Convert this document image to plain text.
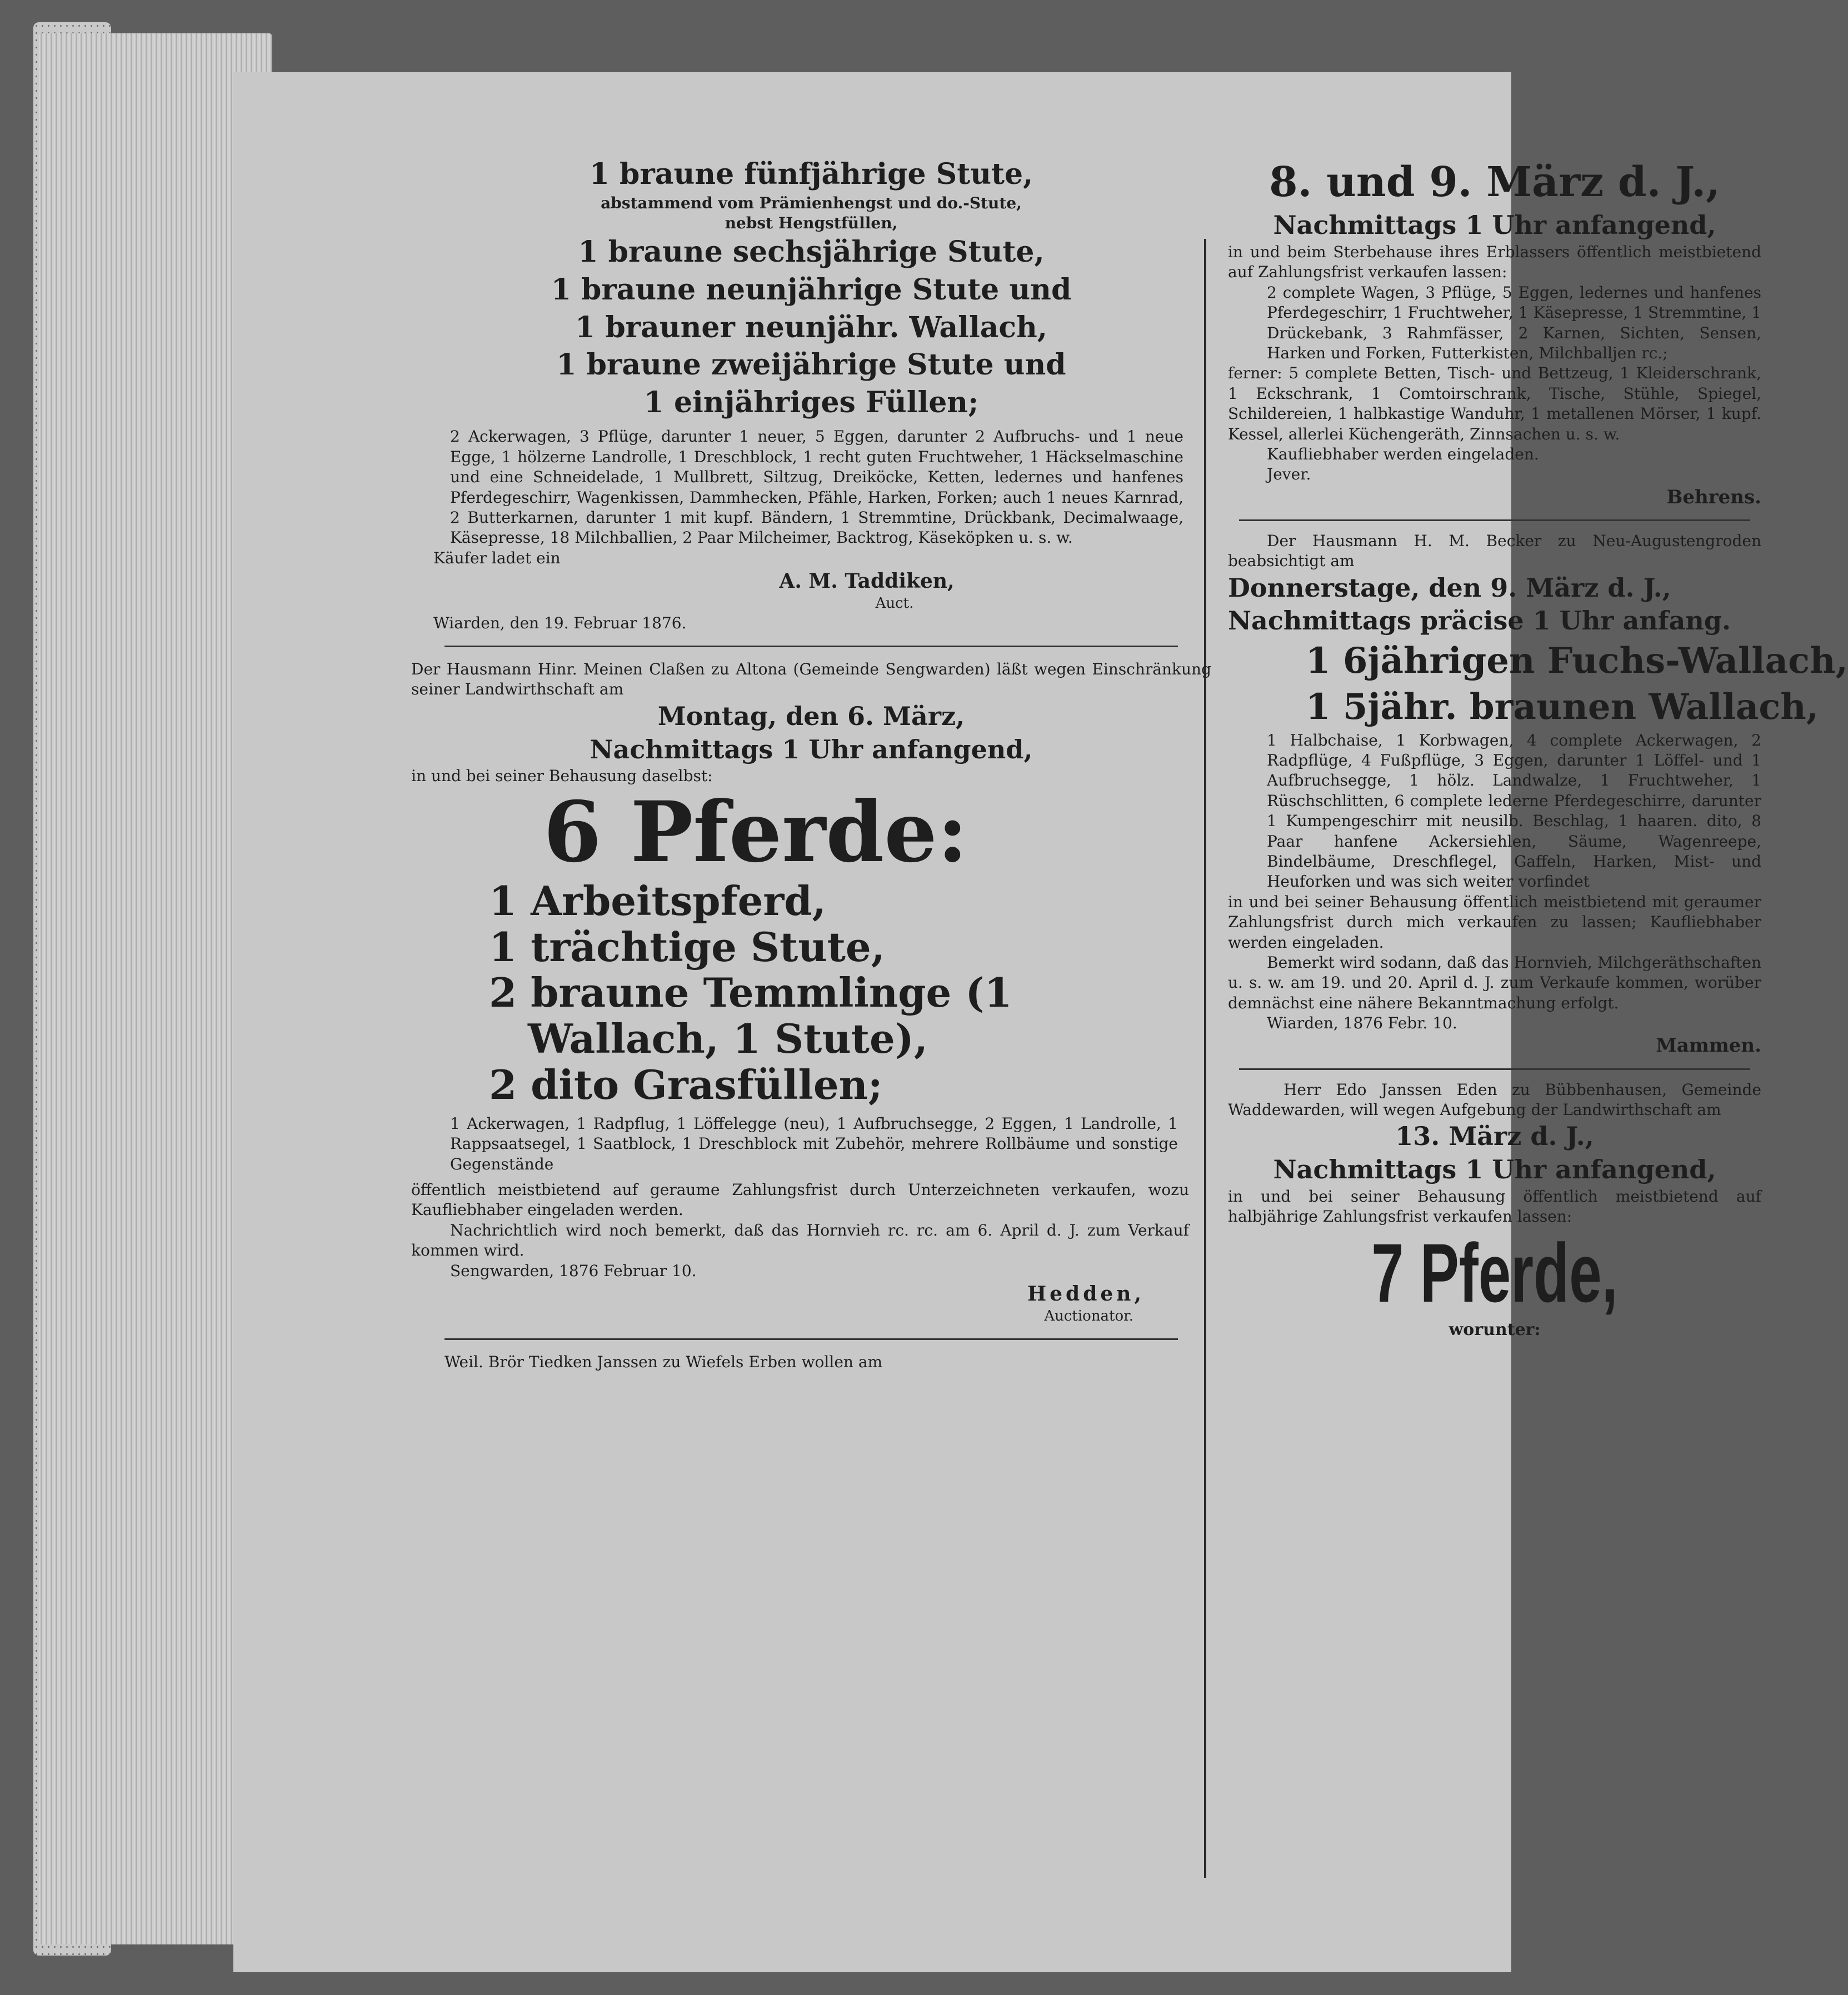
1 braune fünfjährige Stute,

abstammend vom Prämienhengst und do.-Stute,

nebst Hengstfüllen,

1 braune sechsjährige Stute,

1 braune neunjährige Stute und

1 brauner neunjähr. Wallach,

1 braune zweijährige Stute und

1 einjähriges Füllen;

2 Ackerwagen, 3 Pflüge, darunter 1 neuer, 5 Eggen, darunter 2 Aufbruchs- und 1 neue Egge, 1 hölzerne Landrolle, 1 Dreschblock, 1 recht guten Fruchtweher, 1 Häckselmaschine und eine Schneidelade, 1 Mullbrett, Siltzug, Dreiköcke, Ketten, ledernes und hanfenes Pferdegeschirr, Wagenkissen, Dammhecken, Pfähle, Harken, Forken; auch 1 neues Karnrad, 2 Butterkarnen, darunter 1 mit kupf. Bändern, 1 Stremmtine, Drückbank, Decimalwaage, Käsepresse, 18 Milchballien, 2 Paar Milcheimer, Backtrog, Käseköpken u. s. w.

Käufer ladet ein

A. M. Taddiken,

Auct.

Wiarden, den 19. Februar 1876.

Der Hausmann Hinr. Meinen Claßen zu Altona (Gemeinde Sengwarden) läßt wegen Einschränkung seiner Landwirthschaft am

Montag, den 6. März,

Nachmittags 1 Uhr anfangend,

in und bei seiner Behausung daselbst:

6 Pferde:

1 Arbeitspferd,

1 trächtige Stute,

2 braune Temmlinge (1

Wallach, 1 Stute),

2 dito Grasfüllen;

1 Ackerwagen, 1 Radpflug, 1 Löffelegge (neu), 1 Aufbruchsegge, 2 Eggen, 1 Landrolle, 1 Rappsaatsegel, 1 Saatblock, 1 Dreschblock mit Zubehör, mehrere Rollbäume und sonstige Gegenstände

öffentlich meistbietend auf geraume Zahlungsfrist durch Unterzeichneten verkaufen, wozu Kaufliebhaber eingeladen werden.

Nachrichtlich wird noch bemerkt, daß das Hornvieh rc. rc. am 6. April d. J. zum Verkauf kommen wird.

Sengwarden, 1876 Februar 10.

Hedden,

Auctionator.

Weil. Brör Tiedken Janssen zu Wiefels Erben wollen am

8. und 9. März d. J.,

Nachmittags 1 Uhr anfangend,

in und beim Sterbehause ihres Erblassers öffentlich meistbietend auf Zahlungsfrist verkaufen lassen:

2 complete Wagen, 3 Pflüge, 5 Eggen, ledernes und hanfenes Pferdegeschirr, 1 Fruchtweher, 1 Käsepresse, 1 Stremmtine, 1 Drückebank, 3 Rahmfässer, 2 Karnen, Sichten, Sensen, Harken und Forken, Futterkisten, Milchballjen rc.;

ferner: 5 complete Betten, Tisch- und Bettzeug, 1 Kleiderschrank, 1 Eckschrank, 1 Comtoirschrank, Tische, Stühle, Spiegel, Schildereien, 1 halbkastige Wanduhr, 1 metallenen Mörser, 1 kupf. Kessel, allerlei Küchengeräth, Zinnsachen u. s. w.

Kaufliebhaber werden eingeladen.

Jever.

Behrens.

Der Hausmann H. M. Becker zu Neu-Augustengroden beabsichtigt am

Donnerstage, den 9. März d. J.,

Nachmittags präcise 1 Uhr anfang.

1 6jährigen Fuchs-Wallach,

1 5jähr. braunen Wallach,

1 Halbchaise, 1 Korbwagen, 4 complete Ackerwagen, 2 Radpflüge, 4 Fußpflüge, 3 Eggen, darunter 1 Löffel- und 1 Aufbruchsegge, 1 hölz. Landwalze, 1 Fruchtweher, 1 Rüschschlitten, 6 complete lederne Pferdegeschirre, darunter 1 Kumpengeschirr mit neusilb. Beschlag, 1 haaren. dito, 8 Paar hanfene Ackersiehlen, Säume, Wagenreepe, Bindelbäume, Dreschflegel, Gaffeln, Harken, Mist- und Heuforken und was sich weiter vorfindet

in und bei seiner Behausung öffentlich meistbietend mit geraumer Zahlungsfrist durch mich verkaufen zu lassen; Kaufliebhaber werden eingeladen.

Bemerkt wird sodann, daß das Hornvieh, Milchgeräthschaften u. s. w. am 19. und 20. April d. J. zum Verkaufe kommen, worüber demnächst eine nähere Bekanntmachung erfolgt.

Wiarden, 1876 Febr. 10.

Mammen.

Herr Edo Janssen Eden zu Bübbenhausen, Gemeinde Waddewarden, will wegen Aufgebung der Landwirthschaft am

13. März d. J.,

Nachmittags 1 Uhr anfangend,

in und bei seiner Behausung öffentlich meistbietend auf halbjährige Zahlungsfrist verkaufen lassen:

7 Pferde,

worunter:
